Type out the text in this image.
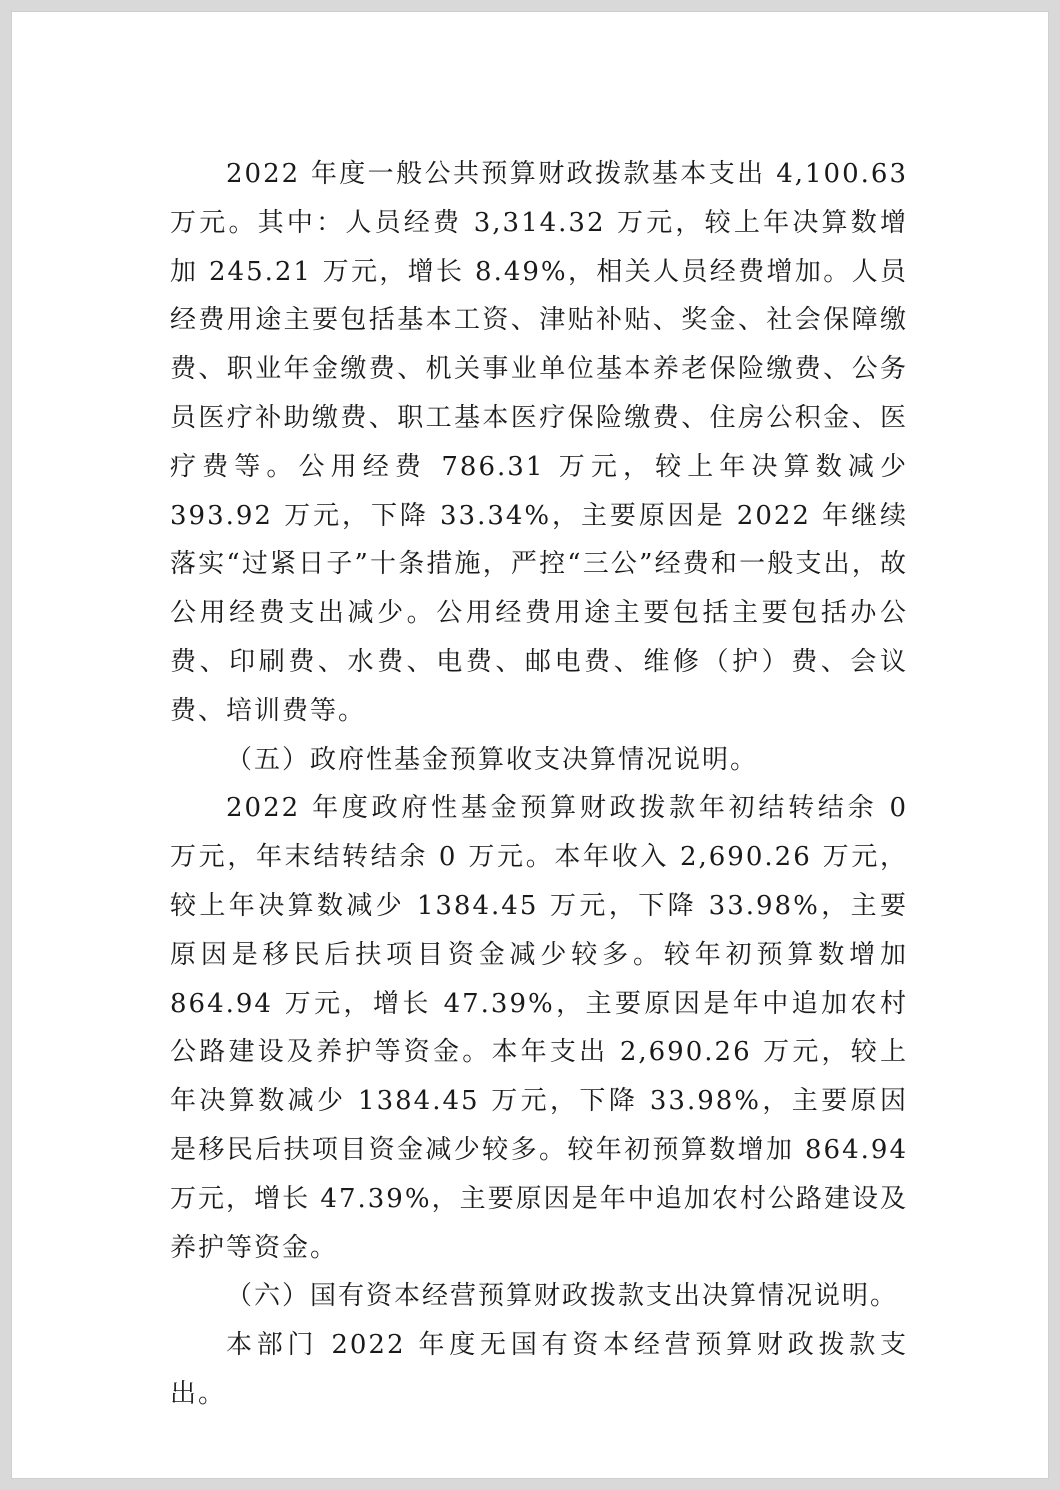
2022 年度一般公共预算财政拨款基本支出 4,100.63 万元。其中：人员经费 3,314.32 万元，较上年决算数增加 245.21 万元，增长 8.49%，相关人员经费增加。人员经费用途主要包括基本工资、津贴补贴、奖金、社会保障缴费、职业年金缴费、机关事业单位基本养老保险缴费、公务员医疗补助缴费、职工基本医疗保险缴费、住房公积金、医疗费等。公用经费 786.31 万元，较上年决算数减少 393.92 万元，下降 33.34%，主要原因是 2022 年继续落实“过紧日子”十条措施，严控“三公”经费和一般支出，故公用经费支出减少。公用经费用途主要包括主要包括办公费、印刷费、水费、电费、邮电费、维修（护）费、会议费、培训费等。

（五）政府性基金预算收支决算情况说明。

2022 年度政府性基金预算财政拨款年初结转结余 0 万元，年末结转结余 0 万元。本年收入 2,690.26 万元，较上年决算数减少 1384.45 万元，下降 33.98%，主要原因是移民后扶项目资金减少较多。较年初预算数增加 864.94 万元，增长 47.39%，主要原因是年中追加农村公路建设及养护等资金。本年支出 2,690.26 万元，较上年决算数减少 1384.45 万元，下降 33.98%，主要原因是移民后扶项目资金减少较多。较年初预算数增加 864.94 万元，增长 47.39%，主要原因是年中追加农村公路建设及养护等资金。

（六）国有资本经营预算财政拨款支出决算情况说明。

本部门 2022 年度无国有资本经营预算财政拨款支出。
